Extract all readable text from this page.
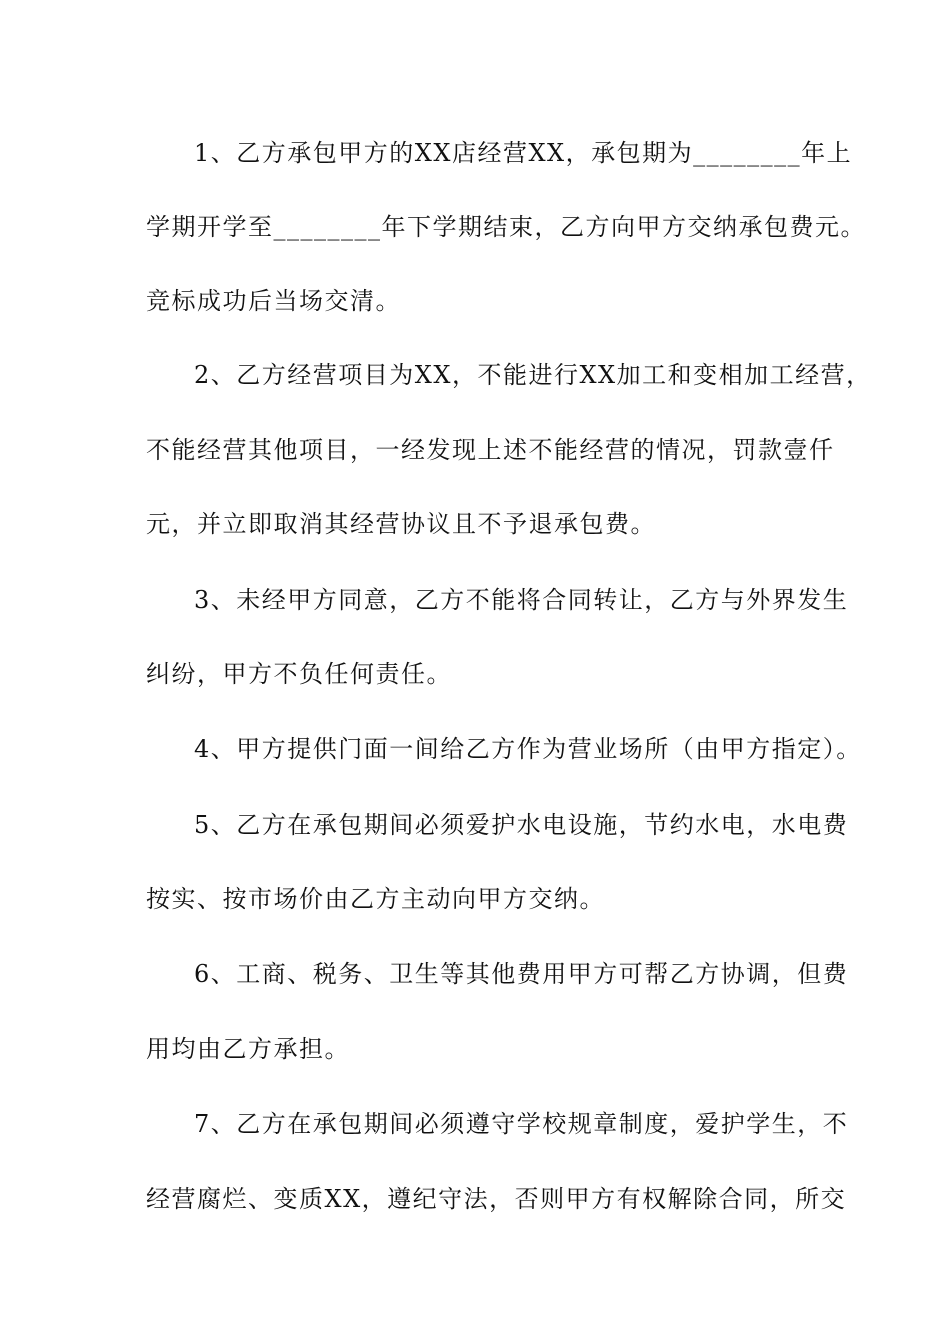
1、乙方承包甲方的XX店经营XX，承包期为________年上
学期开学至________年下学期结束，乙方向甲方交纳承包费元。
竞标成功后当场交清。
2、乙方经营项目为XX，不能进行XX加工和变相加工经营，
不能经营其他项目，一经发现上述不能经营的情况，罚款壹仟
元，并立即取消其经营协议且不予退承包费。
3、未经甲方同意，乙方不能将合同转让，乙方与外界发生
纠纷，甲方不负任何责任。
4、甲方提供门面一间给乙方作为营业场所（由甲方指定）。
5、乙方在承包期间必须爱护水电设施，节约水电，水电费
按实、按市场价由乙方主动向甲方交纳。
6、工商、税务、卫生等其他费用甲方可帮乙方协调，但费
用均由乙方承担。
7、乙方在承包期间必须遵守学校规章制度，爱护学生，不
经营腐烂、变质XX，遵纪守法，否则甲方有权解除合同，所交
